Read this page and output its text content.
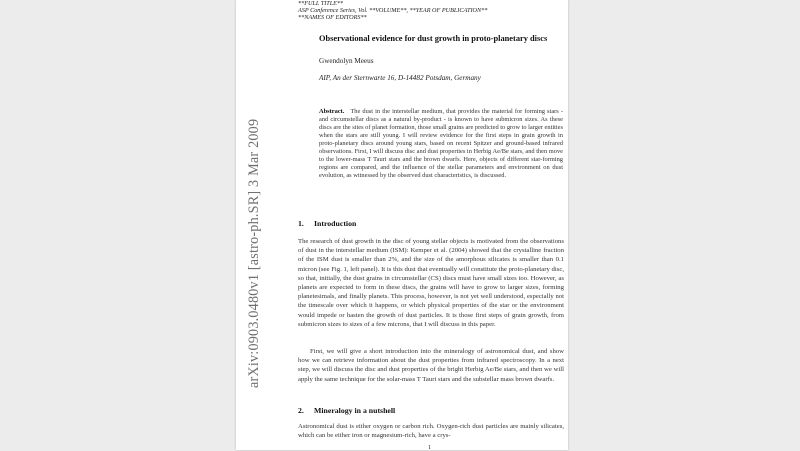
arXiv:0903.0480v1 [astro-ph.SR] 3 Mar 2009
**FULL TITLE**
ASP Conference Series, Vol. **VOLUME**, **YEAR OF PUBLICATION**
**NAMES OF EDITORS**
Observational evidence for dust growth in proto-planetary discs
Gwendolyn Meeus
AIP, An der Sternwarte 16, D-14482 Potsdam, Germany
Abstract. The dust in the interstellar medium, that provides the material for forming stars - and circumstellar discs as a natural by-product - is known to have submicron sizes. As these discs are the sites of planet formation, those small grains are predicted to grow to larger entities when the stars are still young. I will review evidence for the first steps in grain growth in proto-planetary discs around young stars, based on recent Spitzer and ground-based infrared observations. First, I will discuss disc and dust properties in Herbig Ae/Be stars, and then move to the lower-mass T Tauri stars and the brown dwarfs. Here, objects of different star-forming regions are compared, and the influence of the stellar parameters and environment on dust evolution, as witnessed by the observed dust characteristics, is discussed.
1. Introduction

The research of dust growth in the disc of young stellar objects is motivated from the observations of dust in the interstellar medium (ISM): Kemper et al. (2004) showed that the crystalline fraction of the ISM dust is smaller than 2%, and the size of the amorphous silicates is smaller than 0.1 micron (see Fig. 1, left panel). It is this dust that eventually will constitute the proto-planetary disc, so that, initially, the dust grains in circumstellar (CS) discs must have small sizes too. However, as planets are expected to form in these discs, the grains will have to grow to larger sizes, forming planetesimals, and finally planets. This process, however, is not yet well understood, especially not the timescale over which it happens, or which physical properties of the star or the environment would impede or hasten the growth of dust particles. It is those first steps of grain growth, from submicron sizes to sizes of a few microns, that I will discuss in this paper.

First, we will give a short introduction into the mineralogy of astronomical dust, and show how we can retrieve information about the dust properties from infrared spectroscopy. In a next step, we will discuss the disc and dust properties of the bright Herbig Ae/Be stars, and then we will apply the same technique for the solar-mass T Tauri stars and the substellar mass brown dwarfs.

2. Mineralogy in a nutshell

Astronomical dust is either oxygen or carbon rich. Oxygen-rich dust particles are mainly silicates, which can be either iron or magnesium-rich, have a crys-

1
